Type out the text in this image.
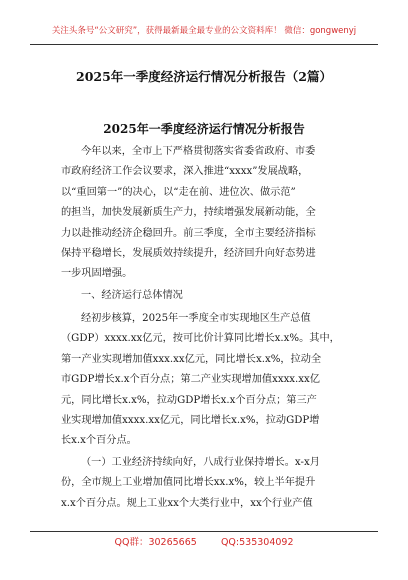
关注头条号“公文研究”，获得最新最全最专业的公文资料库！ 微信：gongwenyj
2025年一季度经济运行情况分析报告（2篇）
2025年一季度经济运行情况分析报告
今年以来，全市上下严格贯彻落实省委省政府、市委
市政府经济工作会议要求，深入推进“xxxx”发展战略，
以“重回第一”的决心，以“走在前、进位次、做示范”
的担当，加快发展新质生产力，持续增强发展新动能，全
力以赴推动经济企稳回升。前三季度，全市主要经济指标
保持平稳增长，发展质效持续提升，经济回升向好态势进
一步巩固增强。
一、经济运行总体情况
经初步核算，2025年一季度全市实现地区生产总值
（GDP）xxxx.xx亿元，按可比价计算同比增长x.x%。其中，
第一产业实现增加值xxx.xx亿元，同比增长x.x%，拉动全
市GDP增长x.x个百分点；第二产业实现增加值xxxx.xx亿
元，同比增长x.x%，拉动GDP增长x.x个百分点；第三产
业实现增加值xxxx.xx亿元，同比增长x.x%，拉动GDP增
长x.x个百分点。
（一）工业经济持续向好，八成行业保持增长。x-x月
份，全市规上工业增加值同比增长xx.x%，较上半年提升
x.x个百分点。规上工业xx个大类行业中，xx个行业产值
QQ群：30265665        QQ:535304092
